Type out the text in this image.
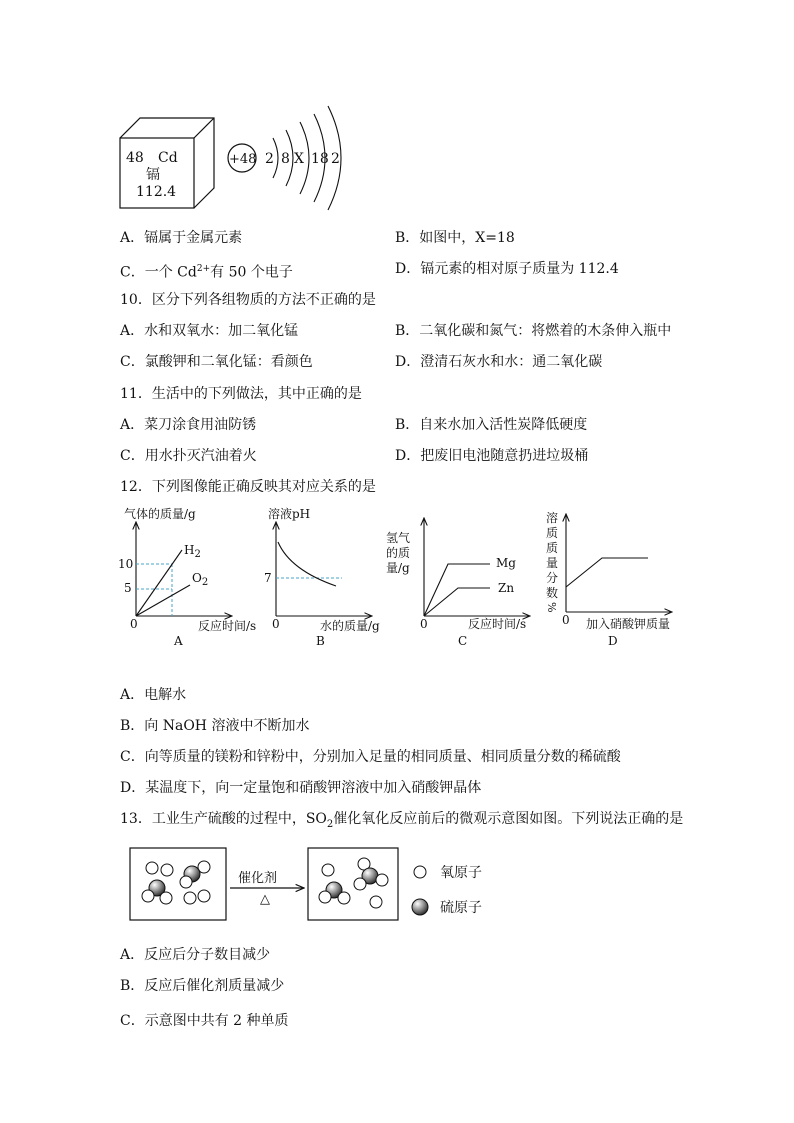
48 Cd
镉
112.4
+48 2 8 X 18 2
A．镉属于金属元素	B．如图中，X=18
C．一个 $Cd^{2+}$有 50 个电子	D．镉元素的相对原子质量为 112.4
10．区分下列各组物质的方法不正确的是
A．水和双氧水：加二氧化锰	B．二氧化碳和氮气：将燃着的木条伸入瓶中
C．氯酸钾和二氧化锰：看颜色	D．澄清石灰水和水：通二氧化碳
11．生活中的下列做法，其中正确的是
A．菜刀涂食用油防锈	B．自来水加入活性炭降低硬度
C．用水扑灭汽油着火	D．把废旧电池随意扔进垃圾桶
12．下列图像能正确反映其对应关系的是
气体的质量/g
反应时间/s
10
5
0
$H_2$
$O_2$
A
溶液pH
水的质量/g
7
0
B
氢气
的质
量/g
反应时间/s
0
Mg
Zn
C
溶
质
质
量
分
数
%
0 加入硝酸钾质量
D
A．电解水
B．向 NaOH 溶液中不断加水
C．向等质量的镁粉和锌粉中，分别加入足量的相同质量、相同质量分数的稀硫酸
D．某温度下，向一定量饱和硝酸钾溶液中加入硝酸钾晶体
13．工业生产硫酸的过程中，$SO_2$催化氧化反应前后的微观示意图如图。下列说法正确的是
催化剂
△
氧原子
硫原子
A．反应后分子数目减少
B．反应后催化剂质量减少
C．示意图中共有 2 种单质
